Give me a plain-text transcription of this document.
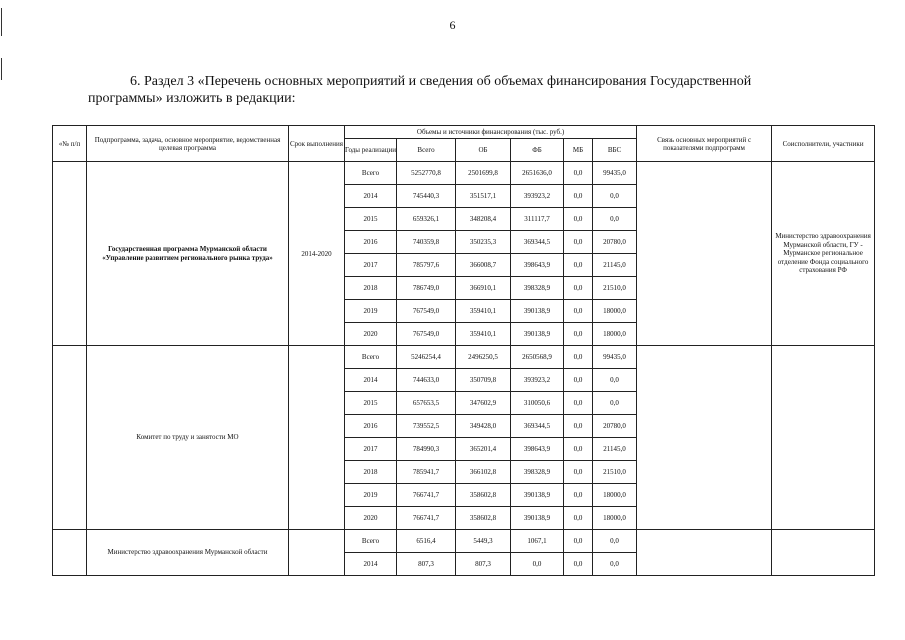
6
6. Раздел 3 «Перечень основных мероприятий и сведения об объемах финансирования Государственной
программы» изложить в редакции:
«№ п/п	Подпрограмма, задача, основное мероприятие, ведомственная целевая программа	Срок выполнения	Объемы и источники финансирования (тыс. руб.)						Связь основных мероприятий с показателями подпрограмм	Соисполнители, участники
			Годы реализации	Всего	ОБ	ФБ	МБ	ВБС		
	Государственная программа Мурманской области «Управление развитием регионального рынка труда»	2014-2020	Всего	5252770,8	2501699,8	2651636,0	0,0	99435,0		Министерство здравоохранения Мурманской области, ГУ - Мурманское региональное отделение Фонда социального страхования РФ
			2014	745440,3	351517,1	393923,2	0,0	0,0		
			2015	659326,1	348208,4	311117,7	0,0	0,0		
			2016	740359,8	350235,3	369344,5	0,0	20780,0		
			2017	785797,6	366008,7	398643,9	0,0	21145,0		
			2018	786749,0	366910,1	398328,9	0,0	21510,0		
			2019	767549,0	359410,1	390138,9	0,0	18000,0		
			2020	767549,0	359410,1	390138,9	0,0	18000,0		
	Комитет по труду и занятости МО		Всего	5246254,4	2496250,5	2650568,9	0,0	99435,0		
			2014	744633,0	350709,8	393923,2	0,0	0,0		
			2015	657653,5	347602,9	310050,6	0,0	0,0		
			2016	739552,5	349428,0	369344,5	0,0	20780,0		
			2017	784990,3	365201,4	398643,9	0,0	21145,0		
			2018	785941,7	366102,8	398328,9	0,0	21510,0		
			2019	766741,7	358602,8	390138,9	0,0	18000,0		
			2020	766741,7	358602,8	390138,9	0,0	18000,0		
	Министерство здравоохранения Мурманской области		Всего	6516,4	5449,3	1067,1	0,0	0,0		
			2014	807,3	807,3	0,0	0,0	0,0		
